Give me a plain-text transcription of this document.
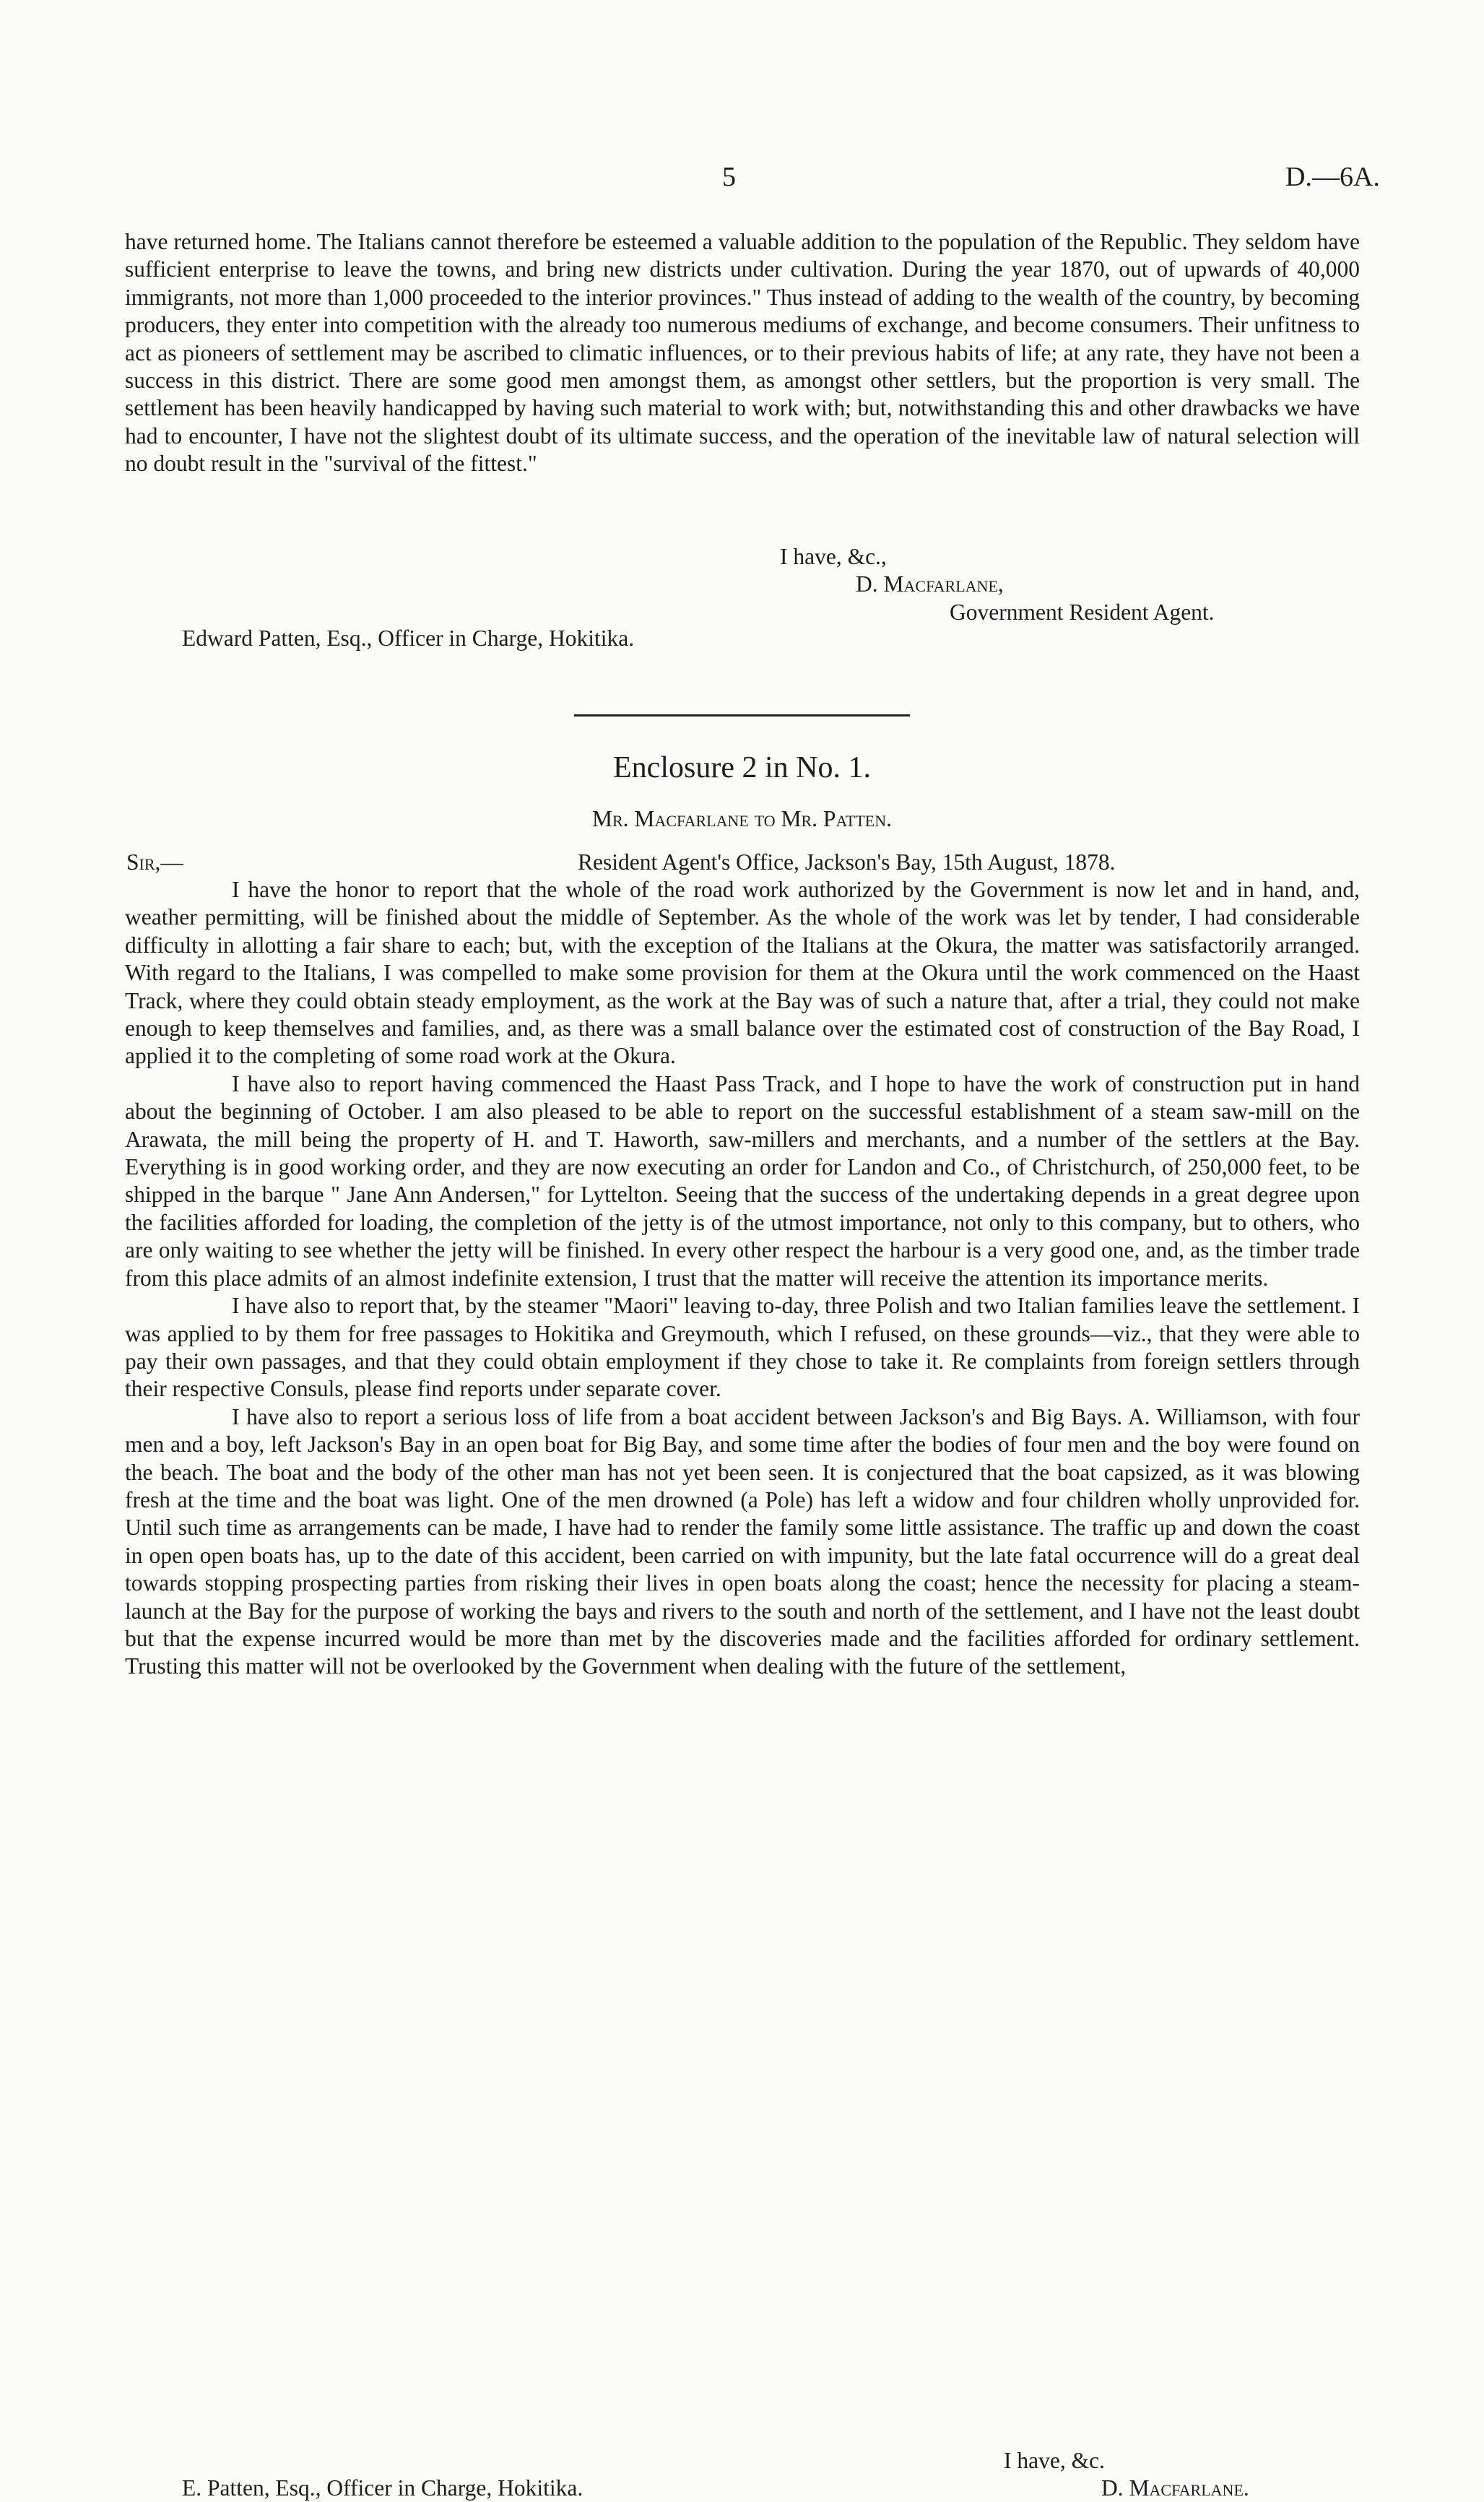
5	D.—6A.

have returned home. The Italians cannot therefore be esteemed a valuable addition to the population of the Republic. They seldom have sufficient enterprise to leave the towns, and bring new districts under cultivation. During the year 1870, out of upwards of 40,000 immigrants, not more than 1,000 proceeded to the interior provinces." Thus instead of adding to the wealth of the country, by becoming producers, they enter into competition with the already too numerous mediums of exchange, and become consumers. Their unfitness to act as pioneers of settlement may be ascribed to climatic influences, or to their previous habits of life; at any rate, they have not been a success in this district. There are some good men amongst them, as amongst other settlers, but the proportion is very small. The settlement has been heavily handicapped by having such material to work with; but, notwithstanding this and other drawbacks we have had to encounter, I have not the slightest doubt of its ultimate success, and the operation of the inevitable law of natural selection will no doubt result in the "survival of the fittest."

I have, &c.,
D. Macfarlane,
Government Resident Agent.
Edward Patten, Esq., Officer in Charge, Hokitika.
Enclosure 2 in No. 1.
Mr. Macfarlane to Mr. Patten.
Sir,—	Resident Agent's Office, Jackson's Bay, 15th August, 1878.

I have the honor to report that the whole of the road work authorized by the Government is now let and in hand, and, weather permitting, will be finished about the middle of September. As the whole of the work was let by tender, I had considerable difficulty in allotting a fair share to each; but, with the exception of the Italians at the Okura, the matter was satisfactorily arranged. With regard to the Italians, I was compelled to make some provision for them at the Okura until the work commenced on the Haast Track, where they could obtain steady employment, as the work at the Bay was of such a nature that, after a trial, they could not make enough to keep themselves and families, and, as there was a small balance over the estimated cost of construction of the Bay Road, I applied it to the completing of some road work at the Okura.

I have also to report having commenced the Haast Pass Track, and I hope to have the work of construction put in hand about the beginning of October. I am also pleased to be able to report on the successful establishment of a steam saw-mill on the Arawata, the mill being the property of H. and T. Haworth, saw-millers and merchants, and a number of the settlers at the Bay. Everything is in good working order, and they are now executing an order for Landon and Co., of Christchurch, of 250,000 feet, to be shipped in the barque " Jane Ann Andersen," for Lyttelton. Seeing that the success of the undertaking depends in a great degree upon the facilities afforded for loading, the completion of the jetty is of the utmost importance, not only to this company, but to others, who are only waiting to see whether the jetty will be finished. In every other respect the harbour is a very good one, and, as the timber trade from this place admits of an almost indefinite extension, I trust that the matter will receive the attention its importance merits.

I have also to report that, by the steamer "Maori" leaving to-day, three Polish and two Italian families leave the settlement. I was applied to by them for free passages to Hokitika and Greymouth, which I refused, on these grounds—viz., that they were able to pay their own passages, and that they could obtain employment if they chose to take it. Re complaints from foreign settlers through their respective Consuls, please find reports under separate cover.

I have also to report a serious loss of life from a boat accident between Jackson's and Big Bays. A. Williamson, with four men and a boy, left Jackson's Bay in an open boat for Big Bay, and some time after the bodies of four men and the boy were found on the beach. The boat and the body of the other man has not yet been seen. It is conjectured that the boat capsized, as it was blowing fresh at the time and the boat was light. One of the men drowned (a Pole) has left a widow and four children wholly unprovided for. Until such time as arrangements can be made, I have had to render the family some little assistance. The traffic up and down the coast in open open boats has, up to the date of this accident, been carried on with impunity, but the late fatal occurrence will do a great deal towards stopping prospecting parties from risking their lives in open boats along the coast; hence the necessity for placing a steam-launch at the Bay for the purpose of working the bays and rivers to the south and north of the settlement, and I have not the least doubt but that the expense incurred would be more than met by the discoveries made and the facilities afforded for ordinary settlement. Trusting this matter will not be overlooked by the Government when dealing with the future of the settlement,

I have, &c.
E. Patten, Esq., Officer in Charge, Hokitika.	D. Macfarlane.
